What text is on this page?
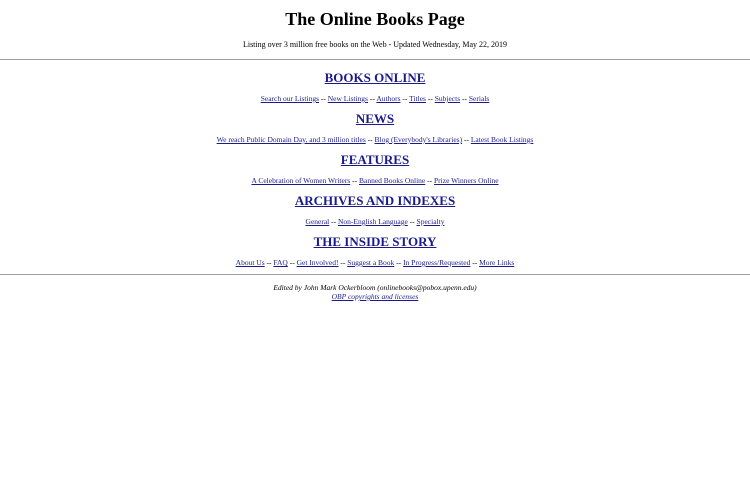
The Online Books Page
Listing over 3 million free books on the Web - Updated Wednesday, May 22, 2019
BOOKS ONLINE
Search our Listings -- New Listings -- Authors -- Titles -- Subjects -- Serials
NEWS
We reach Public Domain Day, and 3 million titles -- Blog (Everybody's Libraries) -- Latest Book Listings
FEATURES
A Celebration of Women Writers -- Banned Books Online -- Prize Winners Online
ARCHIVES AND INDEXES
General -- Non-English Language -- Specialty
THE INSIDE STORY
About Us -- FAQ -- Get Involved! -- Suggest a Book -- In Progress/Requested -- More Links
Edited by John Mark Ockerbloom (onlinebooks@pobox.upenn.edu)
OBP copyrights and licenses
